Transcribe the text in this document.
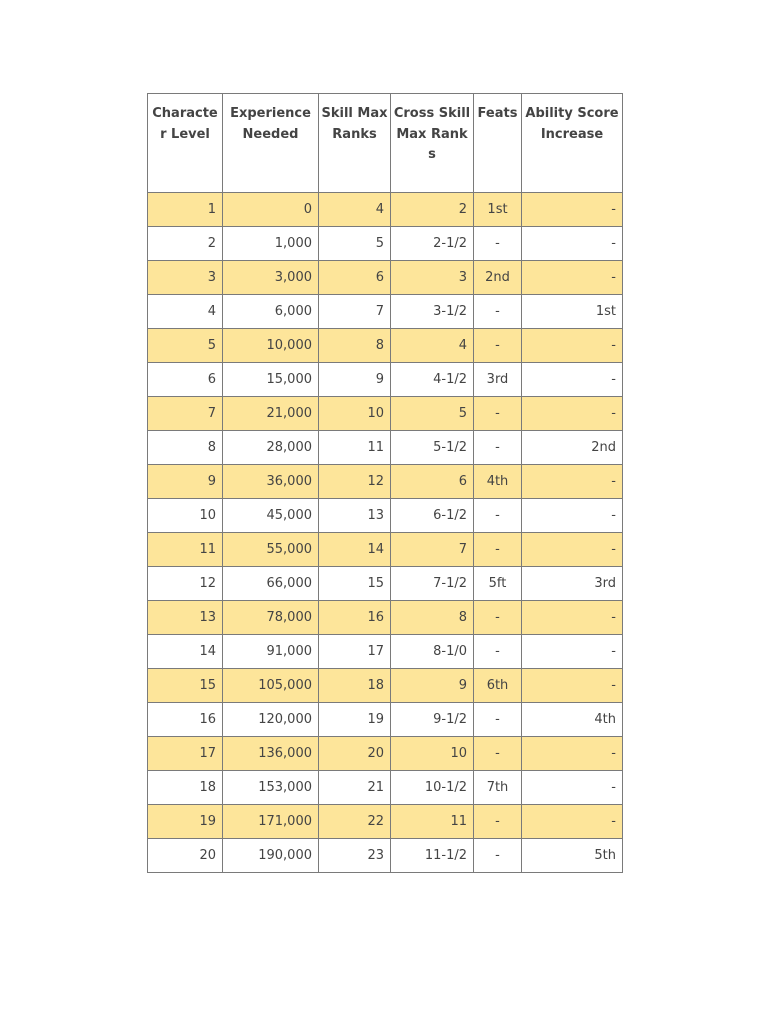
Character Level	Experience Needed	Skill Max Ranks	Cross Skill Max Ranks	Feats	Ability Score Increase
1	0	4	2	1st	-
2	1,000	5	2-1/2	-	-
3	3,000	6	3	2nd	-
4	6,000	7	3-1/2	-	1st
5	10,000	8	4	-	-
6	15,000	9	4-1/2	3rd	-
7	21,000	10	5	-	-
8	28,000	11	5-1/2	-	2nd
9	36,000	12	6	4th	-
10	45,000	13	6-1/2	-	-
11	55,000	14	7	-	-
12	66,000	15	7-1/2	5ft	3rd
13	78,000	16	8	-	-
14	91,000	17	8-1/0	-	-
15	105,000	18	9	6th	-
16	120,000	19	9-1/2	-	4th
17	136,000	20	10	-	-
18	153,000	21	10-1/2	7th	-
19	171,000	22	11	-	-
20	190,000	23	11-1/2	-	5th
